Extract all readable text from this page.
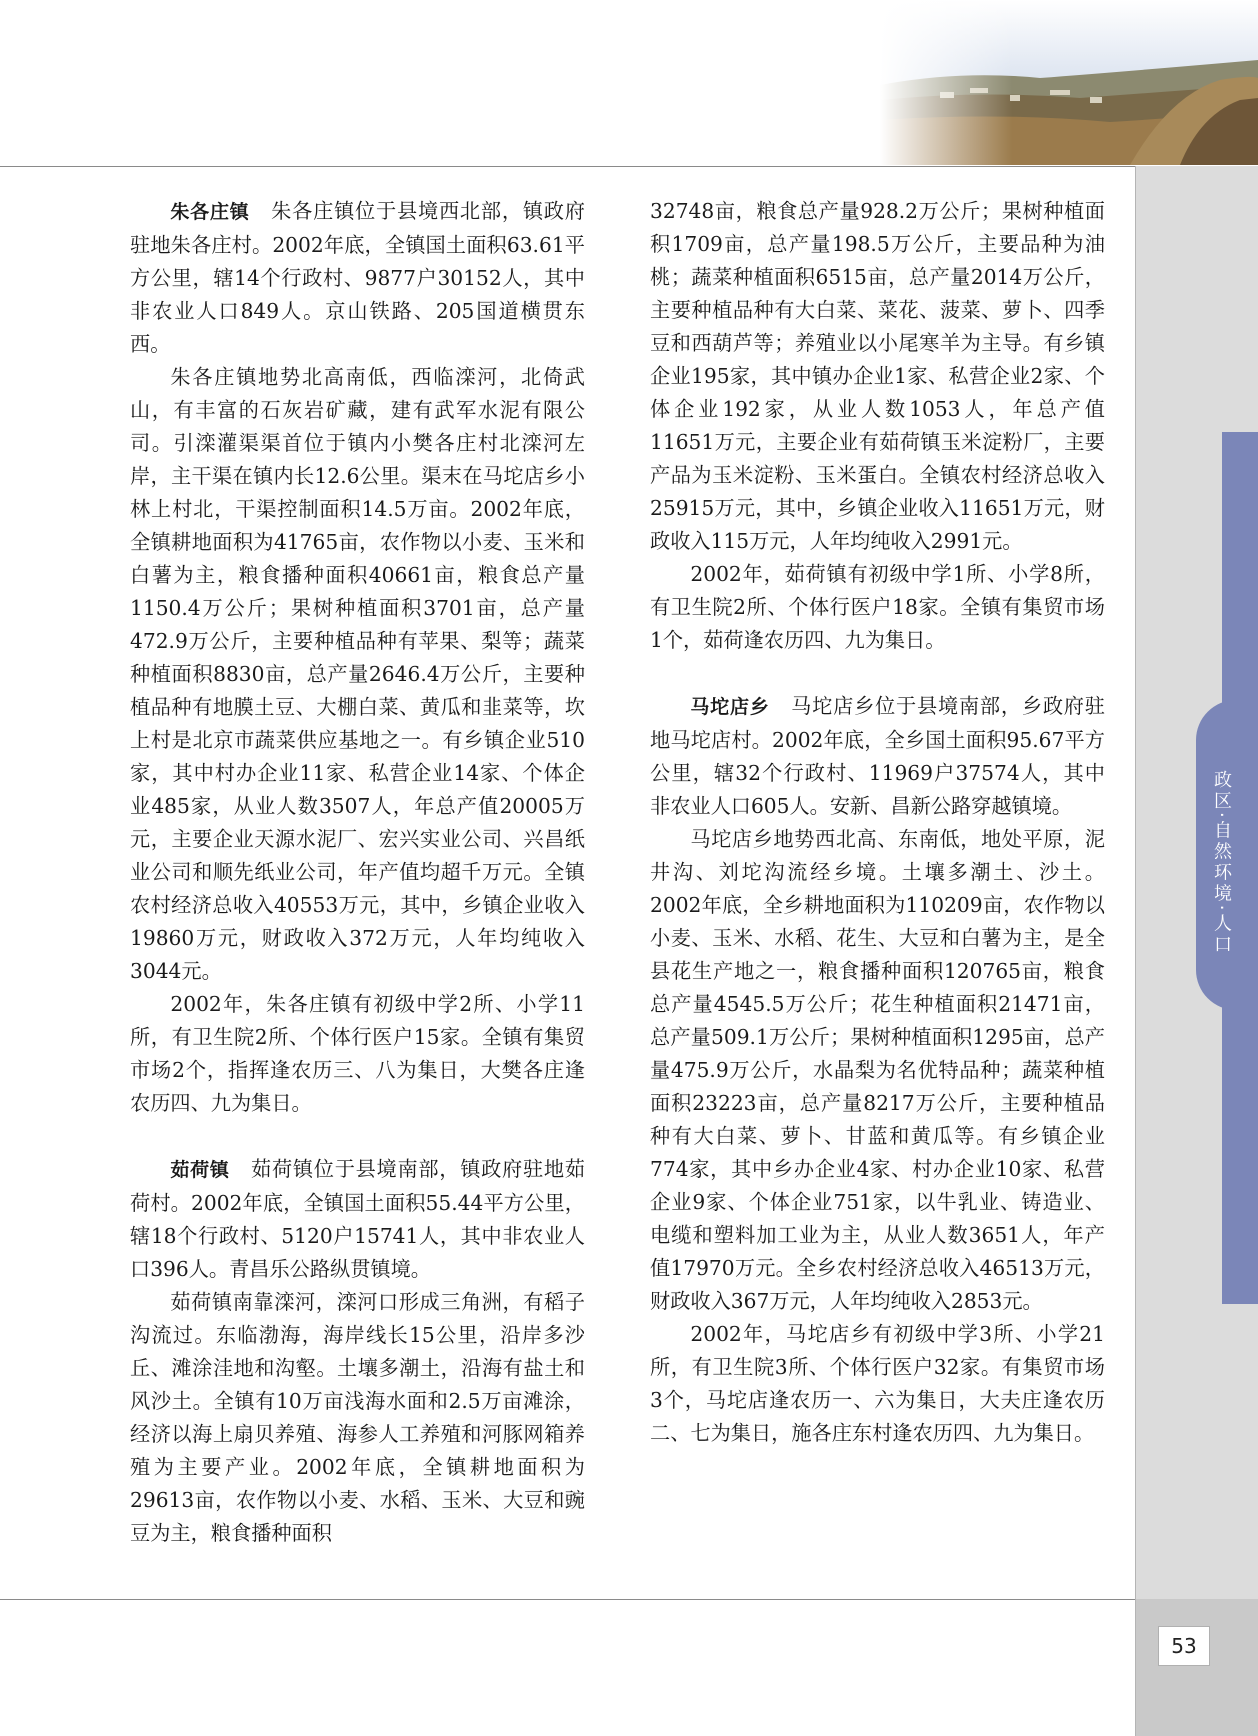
政区·自然环境·人口
53

朱各庄镇 朱各庄镇位于县境西北部，镇政府驻地朱各庄村。2002年底，全镇国土面积63.61平方公里，辖14个行政村、9877户30152人，其中非农业人口849人。京山铁路、205国道横贯东西。

朱各庄镇地势北高南低，西临滦河，北倚武山，有丰富的石灰岩矿藏，建有武军水泥有限公司。引滦灌渠渠首位于镇内小樊各庄村北滦河左岸，主干渠在镇内长12.6公里。渠末在马坨店乡小林上村北，干渠控制面积14.5万亩。2002年底，全镇耕地面积为41765亩，农作物以小麦、玉米和白薯为主，粮食播种面积40661亩，粮食总产量1150.4万公斤；果树种植面积3701亩，总产量472.9万公斤，主要种植品种有苹果、梨等；蔬菜种植面积8830亩，总产量2646.4万公斤，主要种植品种有地膜土豆、大棚白菜、黄瓜和韭菜等，坎上村是北京市蔬菜供应基地之一。有乡镇企业510家，其中村办企业11家、私营企业14家、个体企业485家，从业人数3507人，年总产值20005万元，主要企业天源水泥厂、宏兴实业公司、兴昌纸业公司和顺先纸业公司，年产值均超千万元。全镇农村经济总收入40553万元，其中，乡镇企业收入19860万元，财政收入372万元，人年均纯收入3044元。

2002年，朱各庄镇有初级中学2所、小学11所，有卫生院2所、个体行医户15家。全镇有集贸市场2个，指挥逢农历三、八为集日，大樊各庄逢农历四、九为集日。

茹荷镇 茹荷镇位于县境南部，镇政府驻地茹荷村。2002年底，全镇国土面积55.44平方公里，辖18个行政村、5120户15741人，其中非农业人口396人。青昌乐公路纵贯镇境。

茹荷镇南靠滦河，滦河口形成三角洲，有稻子沟流过。东临渤海，海岸线长15公里，沿岸多沙丘、滩涂洼地和沟壑。土壤多潮土，沿海有盐土和风沙土。全镇有10万亩浅海水面和2.5万亩滩涂，经济以海上扇贝养殖、海参人工养殖和河豚网箱养殖为主要产业。2002年底，全镇耕地面积为29613亩，农作物以小麦、水稻、玉米、大豆和豌豆为主，粮食播种面积

32748亩，粮食总产量928.2万公斤；果树种植面积1709亩，总产量198.5万公斤，主要品种为油桃；蔬菜种植面积6515亩，总产量2014万公斤，主要种植品种有大白菜、菜花、菠菜、萝卜、四季豆和西葫芦等；养殖业以小尾寒羊为主导。有乡镇企业195家，其中镇办企业1家、私营企业2家、个体企业192家，从业人数1053人，年总产值11651万元，主要企业有茹荷镇玉米淀粉厂，主要产品为玉米淀粉、玉米蛋白。全镇农村经济总收入25915万元，其中，乡镇企业收入11651万元，财政收入115万元，人年均纯收入2991元。

2002年，茹荷镇有初级中学1所、小学8所，有卫生院2所、个体行医户18家。全镇有集贸市场1个，茹荷逢农历四、九为集日。

马坨店乡 马坨店乡位于县境南部，乡政府驻地马坨店村。2002年底，全乡国土面积95.67平方公里，辖32个行政村、11969户37574人，其中非农业人口605人。安新、昌新公路穿越镇境。

马坨店乡地势西北高、东南低，地处平原，泥井沟、刘坨沟流经乡境。土壤多潮土、沙土。2002年底，全乡耕地面积为110209亩，农作物以小麦、玉米、水稻、花生、大豆和白薯为主，是全县花生产地之一，粮食播种面积120765亩，粮食总产量4545.5万公斤；花生种植面积21471亩，总产量509.1万公斤；果树种植面积1295亩，总产量475.9万公斤，水晶梨为名优特品种；蔬菜种植面积23223亩，总产量8217万公斤，主要种植品种有大白菜、萝卜、甘蓝和黄瓜等。有乡镇企业774家，其中乡办企业4家、村办企业10家、私营企业9家、个体企业751家，以牛乳业、铸造业、电缆和塑料加工业为主，从业人数3651人，年产值17970万元。全乡农村经济总收入46513万元，财政收入367万元，人年均纯收入2853元。

2002年，马坨店乡有初级中学3所、小学21所，有卫生院3所、个体行医户32家。有集贸市场3个，马坨店逢农历一、六为集日，大夫庄逢农历二、七为集日，施各庄东村逢农历四、九为集日。
